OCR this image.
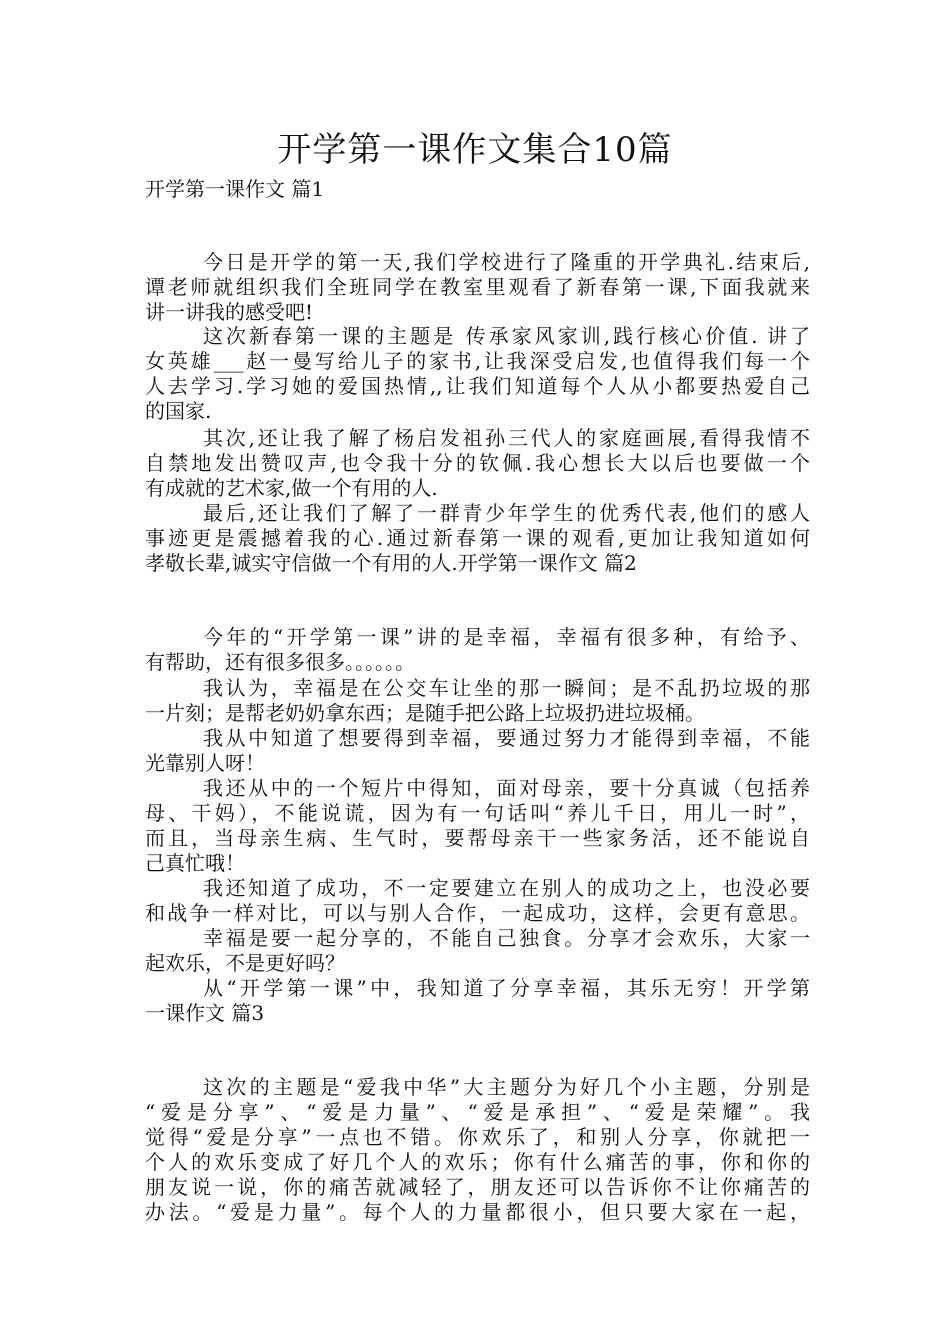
开学第一课作文集合10篇
开学第一课作文 篇1
今日是开学的第一天,我们学校进行了隆重的开学典礼.结束后,
谭老师就组织我们全班同学在教室里观看了新春第一课,下面我就来
讲一讲我的感受吧!
这次新春第一课的主题是 传承家风家训,践行核心价值. 讲了
女英雄___赵一曼写给儿子的家书,让我深受启发,也值得我们每一个
人去学习.学习她的爱国热情,,让我们知道每个人从小都要热爱自己
的国家.
其次,还让我了解了杨启发祖孙三代人的家庭画展,看得我情不
自禁地发出赞叹声,也令我十分的钦佩.我心想长大以后也要做一个
有成就的艺术家,做一个有用的人.
最后,还让我们了解了一群青少年学生的优秀代表,他们的感人
事迹更是震撼着我的心.通过新春第一课的观看,更加让我知道如何
孝敬长辈,诚实守信做一个有用的人.开学第一课作文 篇2
今年的“开学第一课”讲的是幸福，幸福有很多种，有给予、
有帮助，还有很多很多。。。。。。
我认为，幸福是在公交车让坐的那一瞬间；是不乱扔垃圾的那
一片刻；是帮老奶奶拿东西；是随手把公路上垃圾扔进垃圾桶。
我从中知道了想要得到幸福，要通过努力才能得到幸福，不能
光靠别人呀！
我还从中的一个短片中得知，面对母亲，要十分真诚（包括养
母、干妈），不能说谎，因为有一句话叫“养儿千日，用儿一时”，
而且，当母亲生病、生气时，要帮母亲干一些家务活，还不能说自
己真忙哦！
我还知道了成功，不一定要建立在别人的成功之上，也没必要
和战争一样对比，可以与别人合作，一起成功，这样，会更有意思。
幸福是要一起分享的，不能自己独食。分享才会欢乐，大家一
起欢乐，不是更好吗？
从“开学第一课”中，我知道了分享幸福，其乐无穷！开学第
一课作文 篇3
这次的主题是“爱我中华”大主题分为好几个小主题，分别是
“爱是分享”、“爱是力量”、“爱是承担”、“爱是荣耀”。我
觉得“爱是分享”一点也不错。你欢乐了，和别人分享，你就把一
个人的欢乐变成了好几个人的欢乐；你有什么痛苦的事，你和你的
朋友说一说，你的痛苦就减轻了，朋友还可以告诉你不让你痛苦的
办法。“爱是力量”。每个人的力量都很小，但只要大家在一起，
